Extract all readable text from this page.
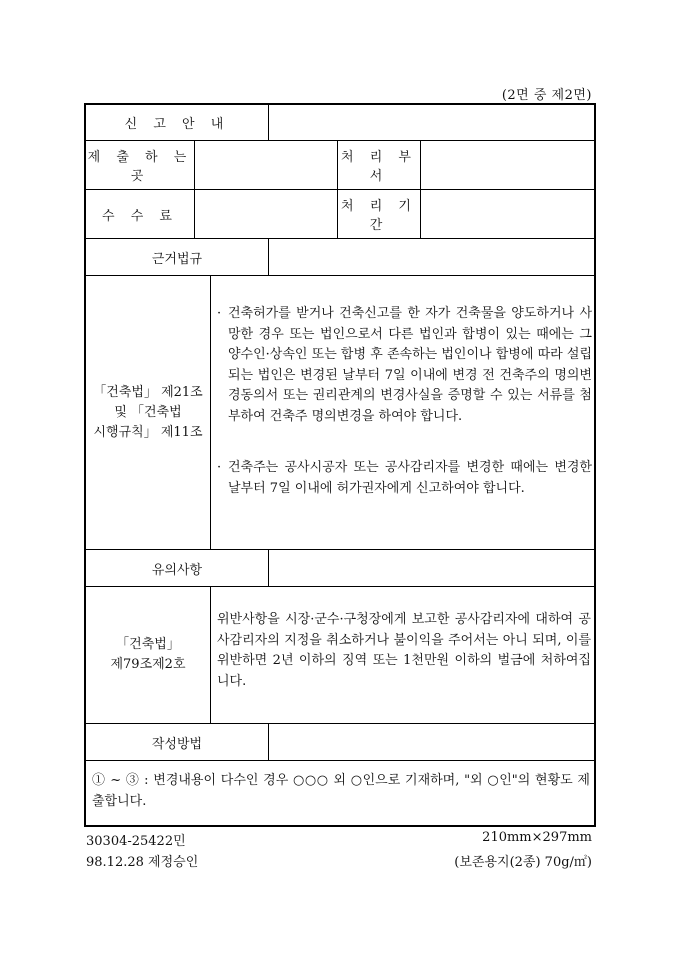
(2면 중 제2면)
신 고 안 내
제 출 하 는 곳
처 리 부 서
수 수 료
처 리 기 간
근거법규
「건축법」 제21조
및 「건축법
시행규칙」 제11조
· 건축허가를 받거나 건축신고를 한 자가 건축물을 양도하거나 사망한 경우 또는 법인으로서 다른 법인과 합병이 있는 때에는 그 양수인·상속인 또는 합병 후 존속하는 법인이나 합병에 따라 설립되는 법인은 변경된 날부터 7일 이내에 변경 전 건축주의 명의변경동의서 또는 권리관계의 변경사실을 증명할 수 있는 서류를 첨부하여 건축주 명의변경을 하여야 합니다.
· 건축주는 공사시공자 또는 공사감리자를 변경한 때에는 변경한 날부터 7일 이내에 허가권자에게 신고하여야 합니다.
유의사항
「건축법」
제79조제2호
위반사항을 시장·군수·구청장에게 보고한 공사감리자에 대하여 공사감리자의 지정을 취소하거나 불이익을 주어서는 아니 되며, 이를 위반하면 2년 이하의 징역 또는 1천만원 이하의 벌금에 처하여집니다.
작성방법
① ~ ③ : 변경내용이 다수인 경우 ○○○ 외 ○인으로 기재하며, "외 ○인"의 현황도 제출합니다.
30304-25422민
98.12.28 제정승인
210mm×297mm
(보존용지(2종) 70g/㎡)
